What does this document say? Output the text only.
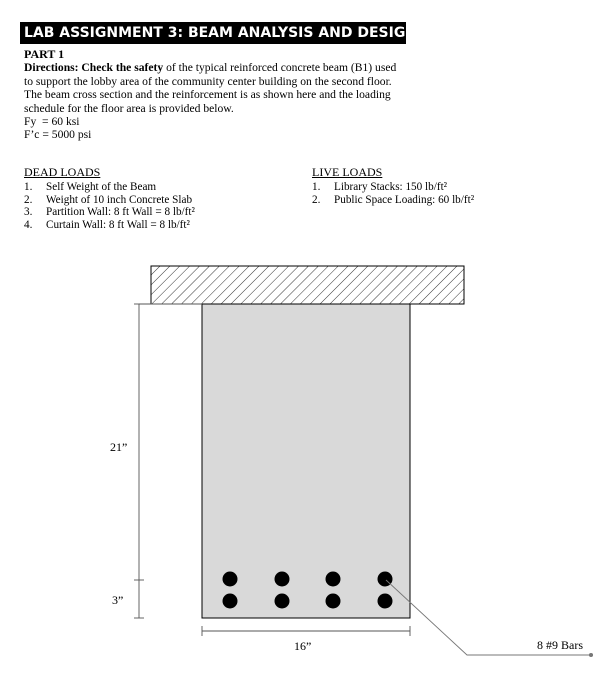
LAB ASSIGNMENT 3: BEAM ANALYSIS AND DESIGN
PART 1
Directions: Check the safety of the typical reinforced concrete beam (B1) used to support the lobby area of the community center building on the second floor. The beam cross section and the reinforcement is as shown here and the loading schedule for the floor area is provided below.
Fy  = 60 ksi
F’c = 5000 psi
DEAD LOADS
1.	Self Weight of the Beam
2.	Weight of 10 inch Concrete Slab
3.	Partition Wall: 8 ft Wall = 8 lb/ft²
4.	Curtain Wall: 8 ft Wall = 8 lb/ft²
LIVE LOADS
1.	Library Stacks: 150 lb/ft²
2.	Public Space Loading: 60 lb/ft²
21”
3”
16”	8 #9 Bars
